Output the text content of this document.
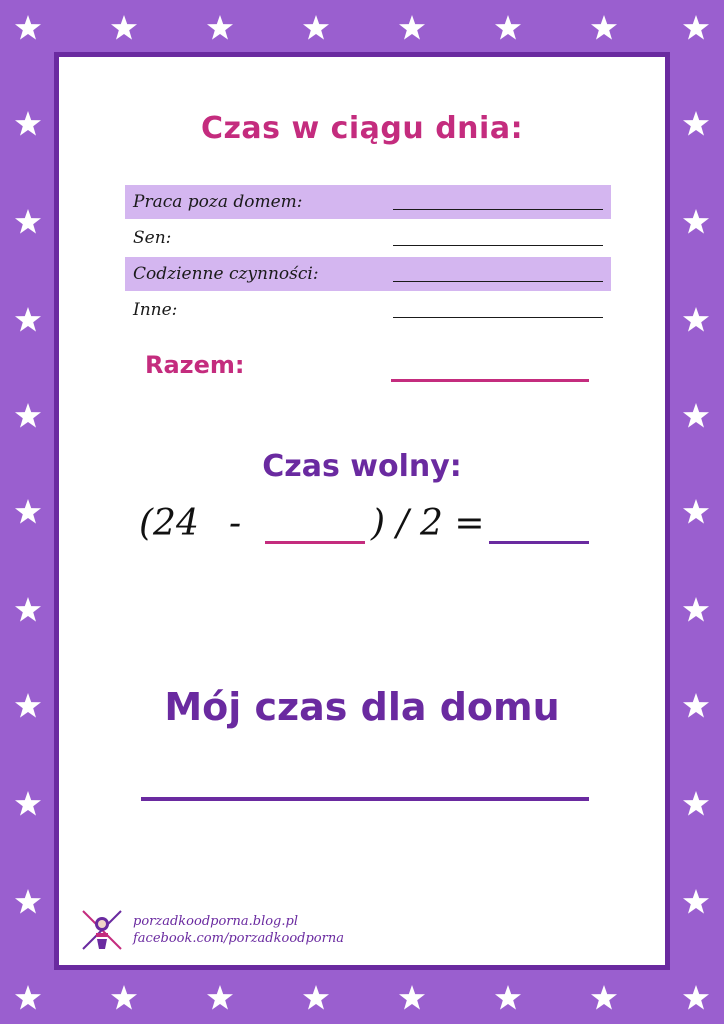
Czas w ciągu dnia:
Praca poza domem:
Sen:
Codzienne czynności:
Inne:
Razem:
Czas wolny:
(24 -	) / 2 =
Mój czas dla domu
porzadkoodporna.blog.pl
facebook.com/porzadkoodporna
